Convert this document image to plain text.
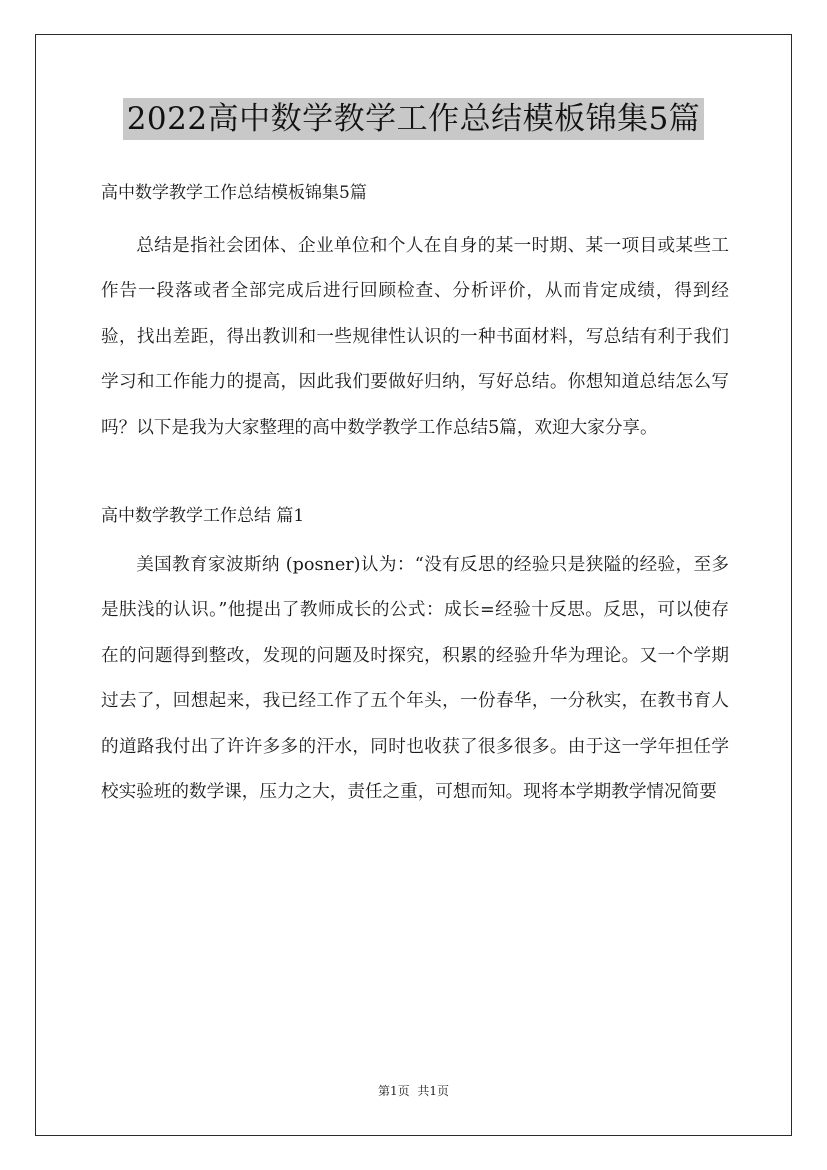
2022高中数学教学工作总结模板锦集5篇

高中数学教学工作总结模板锦集5篇

总结是指社会团体、企业单位和个人在自身的某一时期、某一项目或某些工作告一段落或者全部完成后进行回顾检查、分析评价，从而肯定成绩，得到经验，找出差距，得出教训和一些规律性认识的一种书面材料，写总结有利于我们学习和工作能力的提高，因此我们要做好归纳，写好总结。你想知道总结怎么写吗？以下是我为大家整理的高中数学教学工作总结5篇，欢迎大家分享。

高中数学教学工作总结 篇1

美国教育家波斯纳 (posner)认为：“没有反思的经验只是狭隘的经验，至多是肤浅的认识。”他提出了教师成长的公式：成长=经验十反思。反思，可以使存在的问题得到整改，发现的问题及时探究，积累的经验升华为理论。又一个学期过去了，回想起来，我已经工作了五个年头，一份春华，一分秋实，在教书育人的道路我付出了许许多多的汗水，同时也收获了很多很多。由于这一学年担任学校实验班的数学课，压力之大，责任之重，可想而知。现将本学期教学情况简要

第1页 共1页
